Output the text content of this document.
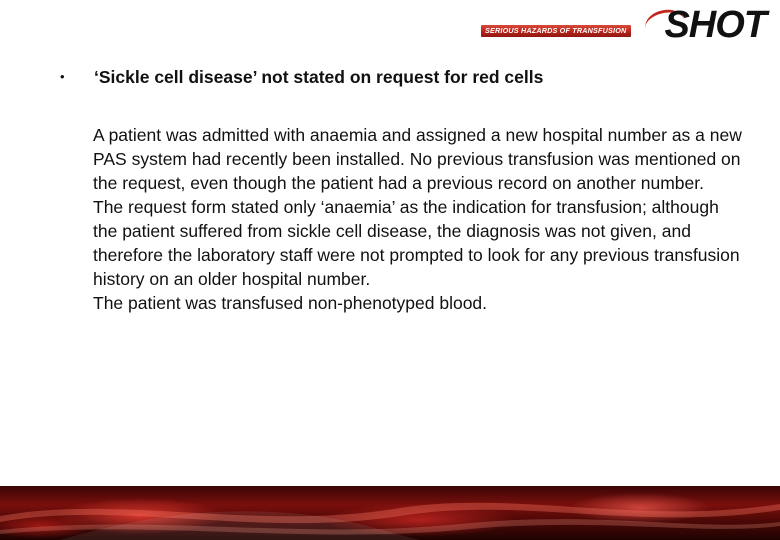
SERIOUS HAZARDS OF TRANSFUSION SHOT
• ‘Sickle cell disease’ not stated on request for red cells

A patient was admitted with anaemia and assigned a new hospital number as a new PAS system had recently been installed. No previous transfusion was mentioned on the request, even though the patient had a previous record on another number.

The request form stated only ‘anaemia’ as the indication for transfusion; although the patient suffered from sickle cell disease, the diagnosis was not given, and therefore the laboratory staff were not prompted to look for any previous transfusion history on an older hospital number.

The patient was transfused non-phenotyped blood.
